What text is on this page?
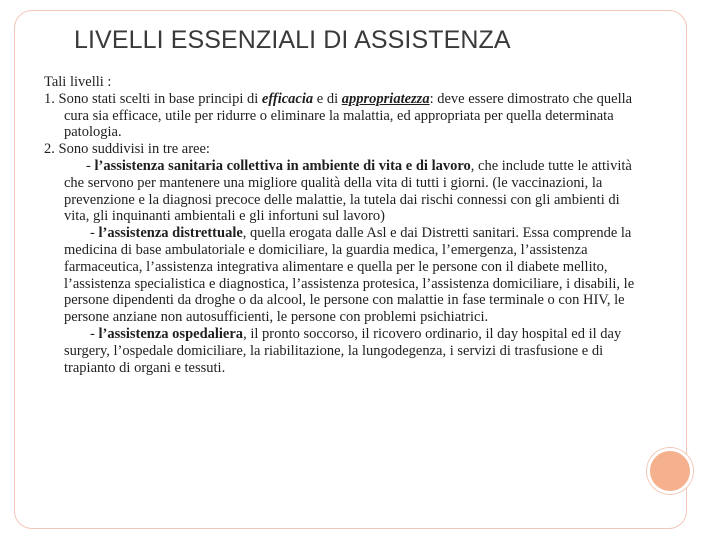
LIVELLI ESSENZIALI DI ASSISTENZA

Tali livelli :

1. Sono stati scelti in base principi di efficacia e di appropriatezza: deve essere dimostrato che quella cura sia efficace, utile per ridurre o eliminare la malattia, ed appropriata per quella determinata patologia.

2. Sono suddivisi in tre aree:

- l’assistenza sanitaria collettiva in ambiente di vita e di lavoro, che include tutte le attività che servono per mantenere una migliore qualità della vita di tutti i giorni. (le vaccinazioni, la prevenzione e la diagnosi precoce delle malattie, la tutela dai rischi connessi con gli ambienti di vita, gli inquinanti ambientali e gli infortuni sul lavoro)

- l’assistenza distrettuale, quella erogata dalle Asl e dai Distretti sanitari. Essa comprende la medicina di base ambulatoriale e domiciliare, la guardia medica, l’emergenza, l’assistenza farmaceutica, l’assistenza integrativa alimentare e quella per le persone con il diabete mellito, l’assistenza specialistica e diagnostica, l’assistenza protesica, l’assistenza domiciliare, i disabili, le persone dipendenti da droghe o da alcool, le persone con malattie in fase terminale o con HIV, le persone anziane non autosufficienti, le persone con problemi psichiatrici.

- l’assistenza ospedaliera, il pronto soccorso, il ricovero ordinario, il day hospital ed il day surgery, l’ospedale domiciliare, la riabilitazione, la lungodegenza, i servizi di trasfusione e di trapianto di organi e tessuti.
